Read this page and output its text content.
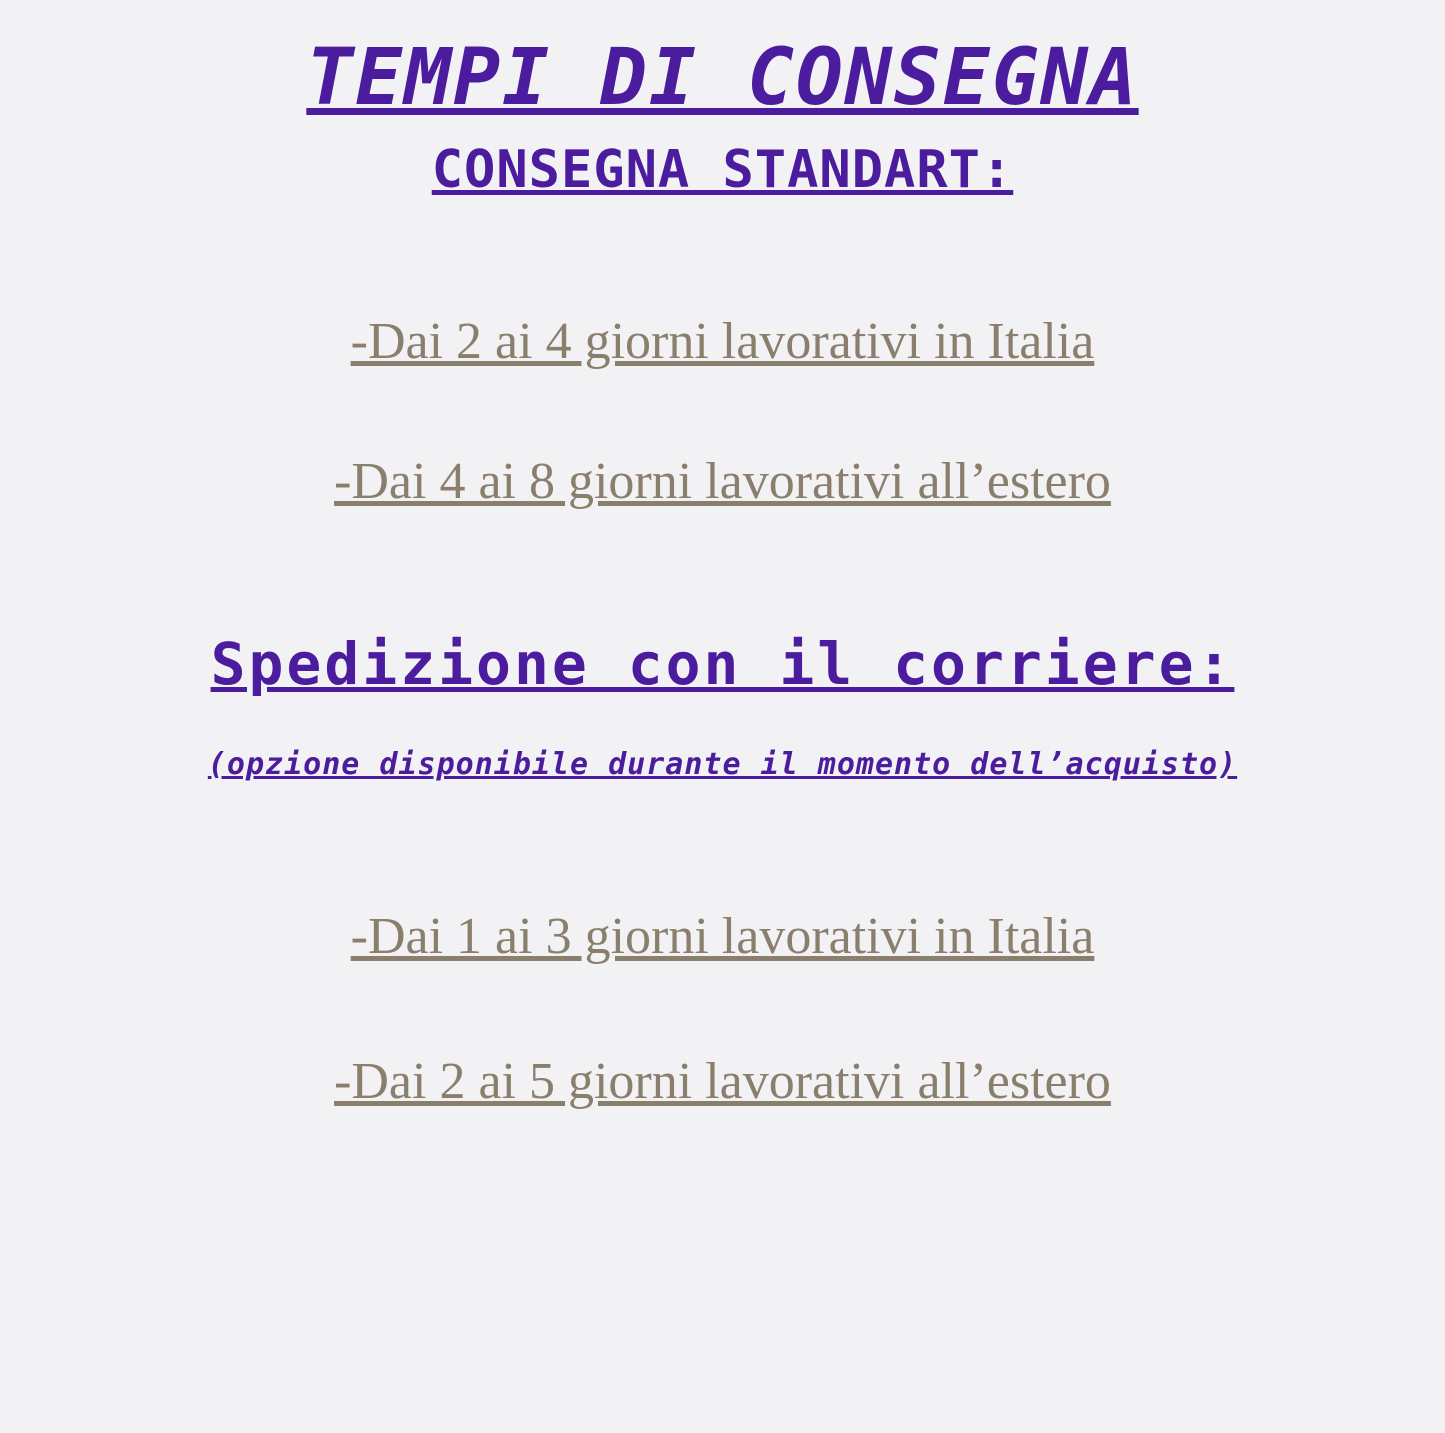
TEMPI DI CONSEGNA
CONSEGNA STANDART:

-Dai 2 ai 4 giorni lavorativi in Italia

-Dai 4 ai 8 giorni lavorativi all’estero

Spedizione con il corriere:

(opzione disponibile durante il momento dell’acquisto)

-Dai 1 ai 3 giorni lavorativi in Italia

-Dai 2 ai 5 giorni lavorativi all’estero
